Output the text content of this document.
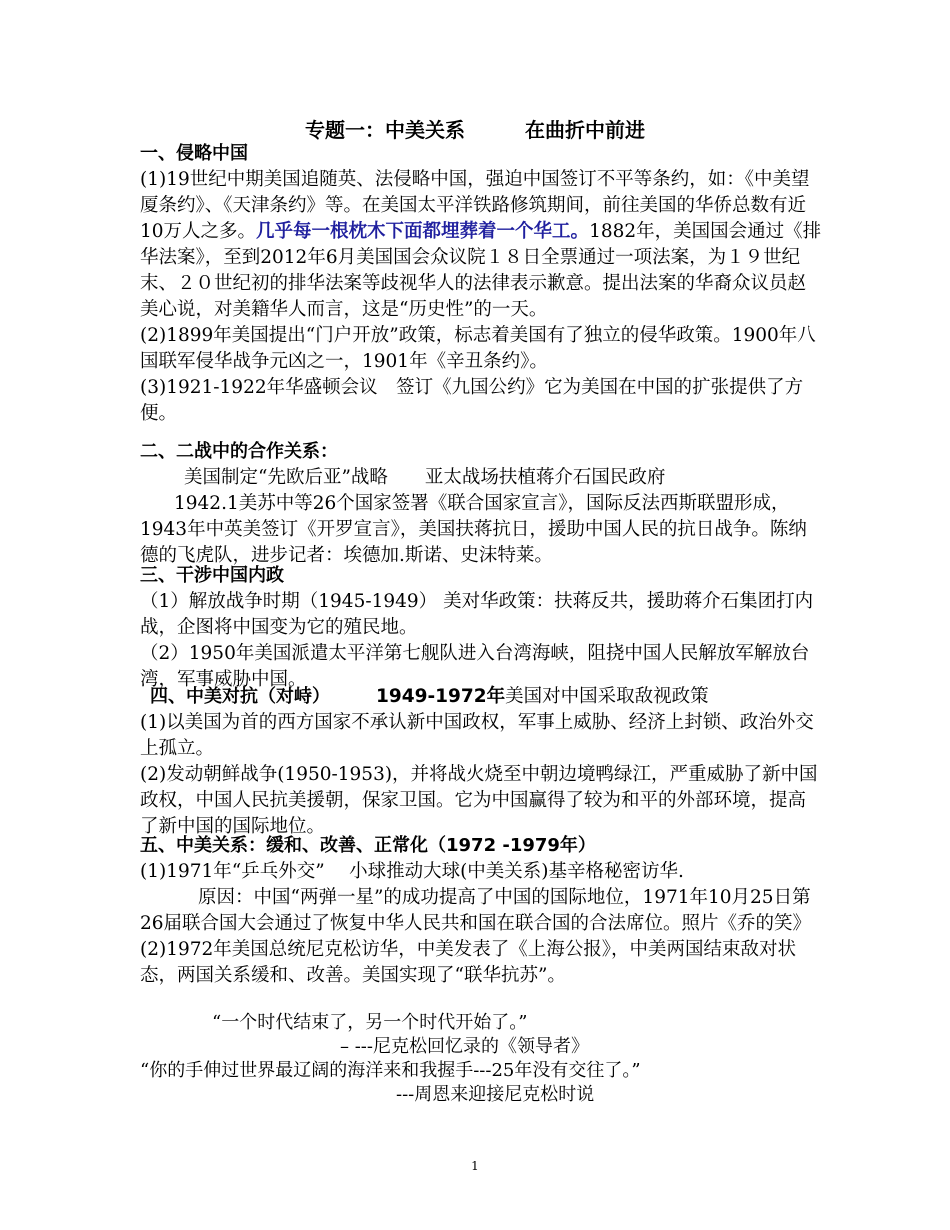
专题一：中美关系	在曲折中前进
一、侵略中国
(1)19世纪中期美国追随英、法侵略中国，强迫中国签订不平等条约，如：《中美望厦条约》、《天津条约》等。在美国太平洋铁路修筑期间，前往美国的华侨总数有近10万人之多。几乎每一根枕木下面都埋葬着一个华工。1882年，美国国会通过《排华法案》，至到2012年6月美国国会众议院１８日全票通过一项法案，为１９世纪末、２０世纪初的排华法案等歧视华人的法律表示歉意。提出法案的华裔众议员赵美心说，对美籍华人而言，这是“历史性”的一天。
(2)1899年美国提出“门户开放”政策，标志着美国有了独立的侵华政策。1900年八国联军侵华战争元凶之一，1901年《辛丑条约》。
(3)1921-1922年华盛顿会议　签订《九国公约》它为美国在中国的扩张提供了方便。
二、二战中的合作关系：
美国制定“先欧后亚”战略　　亚太战场扶植蒋介石国民政府
1942.1美苏中等26个国家签署《联合国家宣言》，国际反法西斯联盟形成，1943年中英美签订《开罗宣言》，美国扶蒋抗日，援助中国人民的抗日战争。陈纳德的飞虎队，进步记者：埃德加.斯诺、史沫特莱。
三、干涉中国内政
（1）解放战争时期（1945-1949） 美对华政策：扶蒋反共，援助蒋介石集团打内战，企图将中国变为它的殖民地。
（2）1950年美国派遣太平洋第七舰队进入台湾海峡，阻挠中国人民解放军解放台湾，军事威胁中国。
四、中美对抗（对峙） 1949-1972年美国对中国采取敌视政策
(1)以美国为首的西方国家不承认新中国政权，军事上威胁、经济上封锁、政治外交上孤立。
(2)发动朝鲜战争(1950-1953)，并将战火烧至中朝边境鸭绿江，严重威胁了新中国政权，中国人民抗美援朝，保家卫国。它为中国赢得了较为和平的外部环境，提高了新中国的国际地位。
五、中美关系：缓和、改善、正常化（1972 -1979年）
(1)1971年“乒乓外交”　 小球推动大球(中美关系)基辛格秘密访华.
原因：中国“两弹一星”的成功提高了中国的国际地位，1971年10月25日第26届联合国大会通过了恢复中华人民共和国在联合国的合法席位。照片《乔的笑》
(2)1972年美国总统尼克松访华，中美发表了《上海公报》，中美两国结束敌对状态，两国关系缓和、改善。美国实现了“联华抗苏”。
“一个时代结束了，另一个时代开始了。”
– ---尼克松回忆录的《领导者》
“你的手伸过世界最辽阔的海洋来和我握手---25年没有交往了。”
---周恩来迎接尼克松时说
1
